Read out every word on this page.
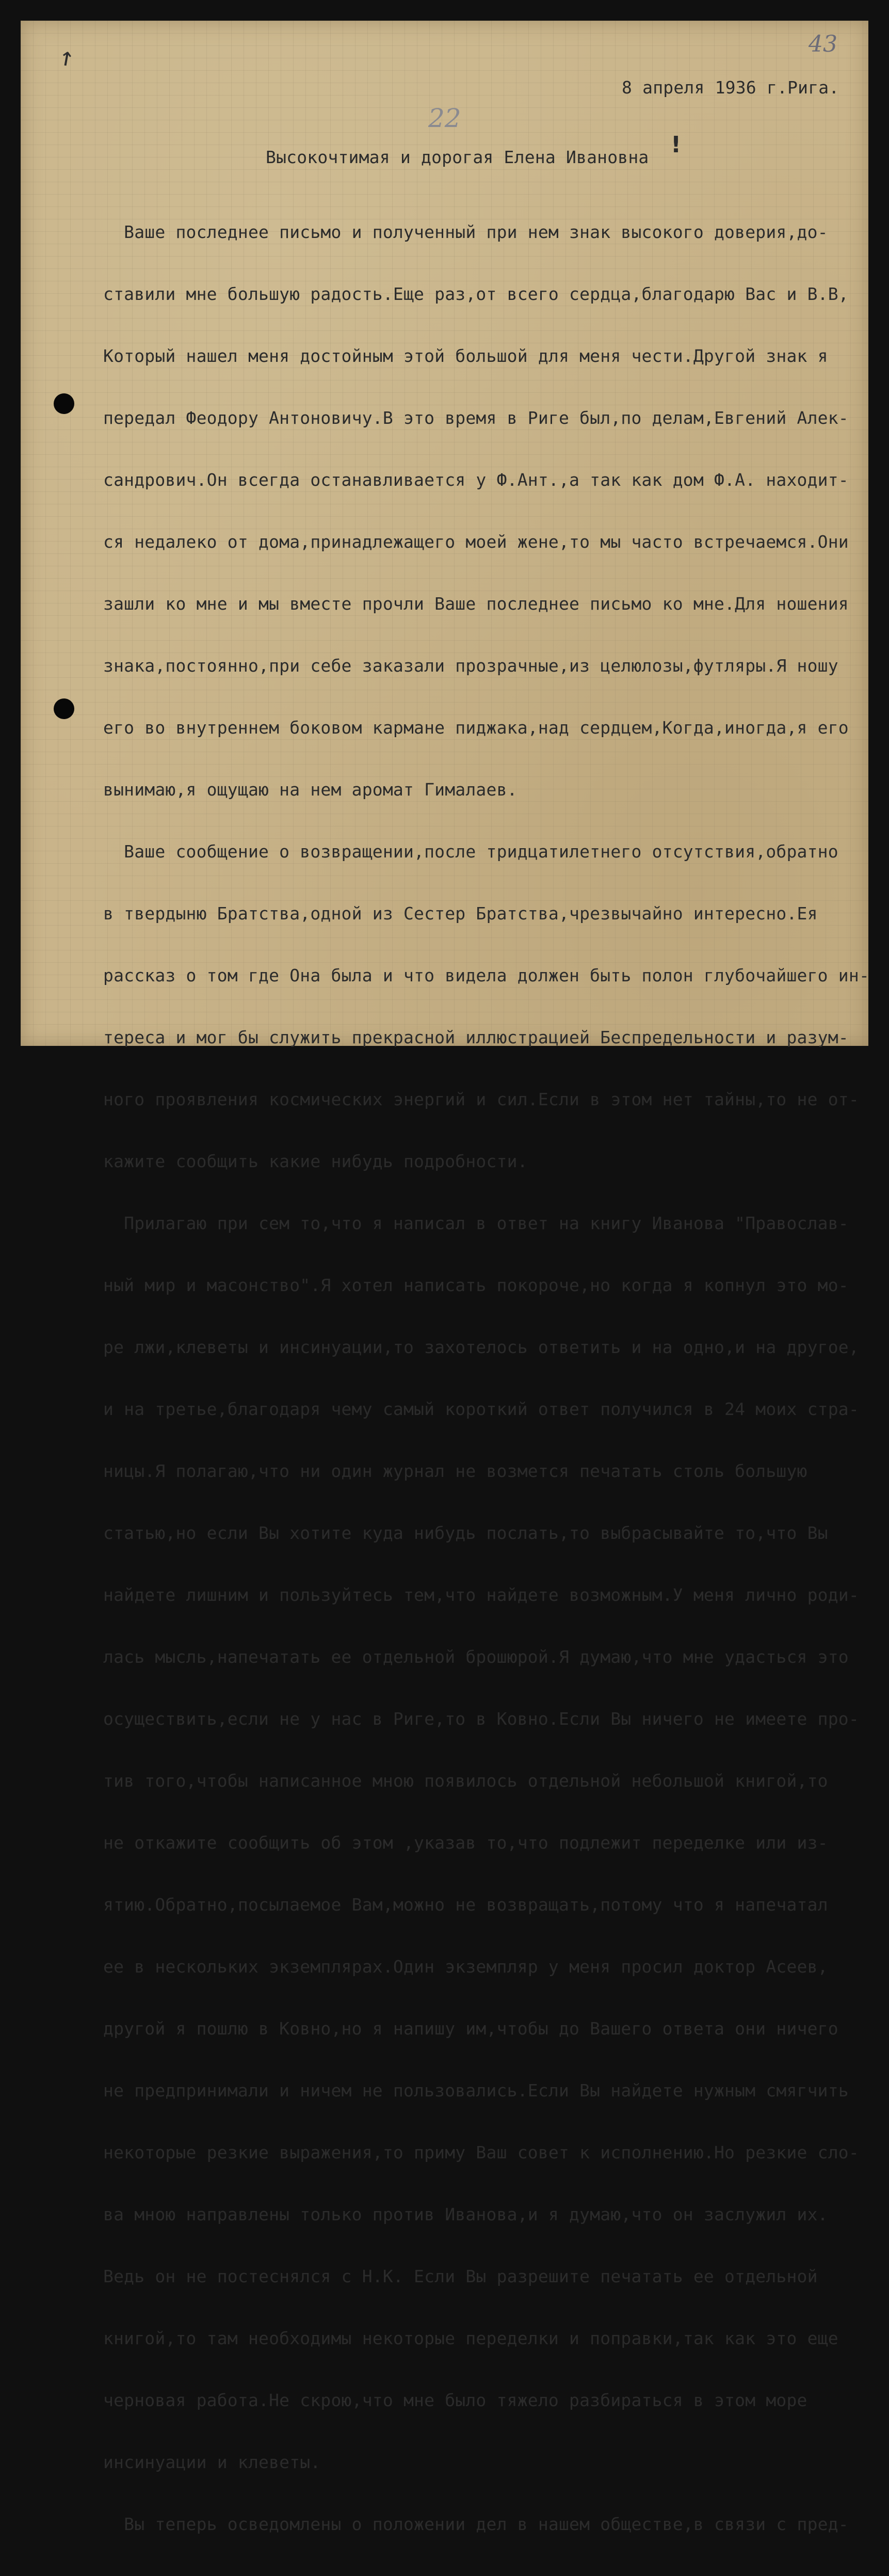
↗	43
22
8 апреля 1936 г.Рига.
Высокочтимая и дорогая Елена Ивановна !

Ваше последнее письмо и полученный при нем знак высокого доверия,до-

ставили мне большую радость.Еще раз,от всего сердца,благодарю Вас и В.В,

Который нашел меня достойным этой большой для меня чести.Другой знак я

передал Феодору Антоновичу.В это время в Риге был,по делам,Евгений Алек-

сандрович.Он всегда останавливается у Ф.Ант.,а так как дом Ф.А. находит-

ся недалеко от дома,принадлежащего моей жене,то мы часто встречаемся.Они

зашли ко мне и мы вместе прочли Ваше последнее письмо ко мне.Для ношения

знака,постоянно,при себе заказали прозрачные,из целюлозы,футляры.Я ношу

его во внутреннем боковом кармане пиджака,над сердцем,Когда,иногда,я его

вынимаю,я ощущаю на нем аромат Гималаев.

Ваше сообщение о возвращении,после тридцатилетнего отсутствия,обратно

в твердыню Братства,одной из Сестер Братства,чрезвычайно интересно.Ея

рассказ о том где Она была и что видела должен быть полон глубочайшего ин-

тереса и мог бы служить прекрасной иллюстрацией Беспредельности и разум-

ного проявления космических энергий и сил.Если в этом нет тайны,то не от-

кажите сообщить какие нибудь подробности.

Прилагаю при сем то,что я написал в ответ на книгу Иванова "Православ-

ный мир и масонство".Я хотел написать покороче,но когда я копнул это мо-

ре лжи,клеветы и инсинуации,то захотелось ответить и на одно,и на другое,

и на третье,благодаря чему самый короткий ответ получился в 24 моих стра-

ницы.Я полагаю,что ни один журнал не возмется печатать столь большую

статью,но если Вы хотите куда нибудь послать,то выбрасывайте то,что Вы

найдете лишним и пользуйтесь тем,что найдете возможным.У меня лично роди-

лась мысль,напечатать ее отдельной брошюрой.Я думаю,что мне удасться это

осуществить,если не у нас в Риге,то в Ковно.Если Вы ничего не имеете про-

тив того,чтобы написанное мною появилось отдельной небольшой книгой,то

не откажите сообщить об этом ,указав то,что подлежит переделке или из-

ятию.Обратно,посылаемое Вам,можно не возвращать,потому что я напечатал

ее в нескольких экземплярах.Один экземпляр у меня просил доктор Асеев,

другой я пошлю в Ковно,но я напишу им,чтобы до Вашего ответа они ничего

не предпринимали и ничем не пользовались.Если Вы найдете нужным смягчить

некоторые резкие выражения,то приму Ваш совет к исполнению.Но резкие сло-

ва мною направлены только против Иванова,и я думаю,что он заслужил их.

Ведь он не постеснялся с Н.К. Если Вы разрешите печатать ее отдельной

книгой,то там необходимы некоторые переделки и поправки,так как это еще

черновая работа.Не скрою,что мне было тяжело разбираться в этом море

инсинуации и клеветы.

Вы теперь осведомлены о положении дел в нашем обществе,в связи с пред-
